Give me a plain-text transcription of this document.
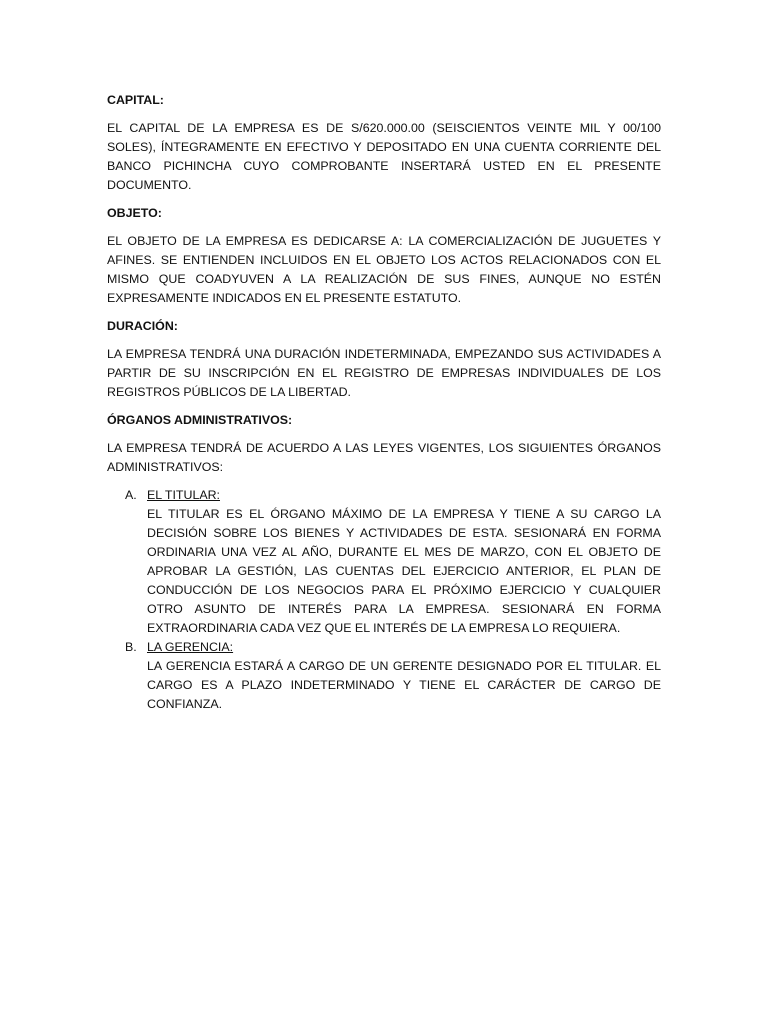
CAPITAL:

EL CAPITAL DE LA EMPRESA ES DE S/620.000.00 (SEISCIENTOS VEINTE MIL Y 00/100 SOLES), ÍNTEGRAMENTE EN EFECTIVO Y DEPOSITADO EN UNA CUENTA CORRIENTE DEL BANCO PICHINCHA CUYO COMPROBANTE INSERTARÁ USTED EN EL PRESENTE DOCUMENTO.

OBJETO:

EL OBJETO DE LA EMPRESA ES DEDICARSE A: LA COMERCIALIZACIÓN DE JUGUETES Y AFINES. SE ENTIENDEN INCLUIDOS EN EL OBJETO LOS ACTOS RELACIONADOS CON EL MISMO QUE COADYUVEN A LA REALIZACIÓN DE SUS FINES, AUNQUE NO ESTÉN EXPRESAMENTE INDICADOS EN EL PRESENTE ESTATUTO.

DURACIÓN:

LA EMPRESA TENDRÁ UNA DURACIÓN INDETERMINADA, EMPEZANDO SUS ACTIVIDADES A PARTIR DE SU INSCRIPCIÓN EN EL REGISTRO DE EMPRESAS INDIVIDUALES DE LOS REGISTROS PÚBLICOS DE LA LIBERTAD.

ÓRGANOS ADMINISTRATIVOS:

LA EMPRESA TENDRÁ DE ACUERDO A LAS LEYES VIGENTES, LOS SIGUIENTES ÓRGANOS ADMINISTRATIVOS:

A. EL TITULAR:

EL TITULAR ES EL ÓRGANO MÁXIMO DE LA EMPRESA Y TIENE A SU CARGO LA DECISIÓN SOBRE LOS BIENES Y ACTIVIDADES DE ESTA. SESIONARÁ EN FORMA ORDINARIA UNA VEZ AL AÑO, DURANTE EL MES DE MARZO, CON EL OBJETO DE APROBAR LA GESTIÓN, LAS CUENTAS DEL EJERCICIO ANTERIOR, EL PLAN DE CONDUCCIÓN DE LOS NEGOCIOS PARA EL PRÓXIMO EJERCICIO Y CUALQUIER OTRO ASUNTO DE INTERÉS PARA LA EMPRESA. SESIONARÁ EN FORMA EXTRAORDINARIA CADA VEZ QUE EL INTERÉS DE LA EMPRESA LO REQUIERA.

B. LA GERENCIA:

LA GERENCIA ESTARÁ A CARGO DE UN GERENTE DESIGNADO POR EL TITULAR. EL CARGO ES A PLAZO INDETERMINADO Y TIENE EL CARÁCTER DE CARGO DE CONFIANZA.
